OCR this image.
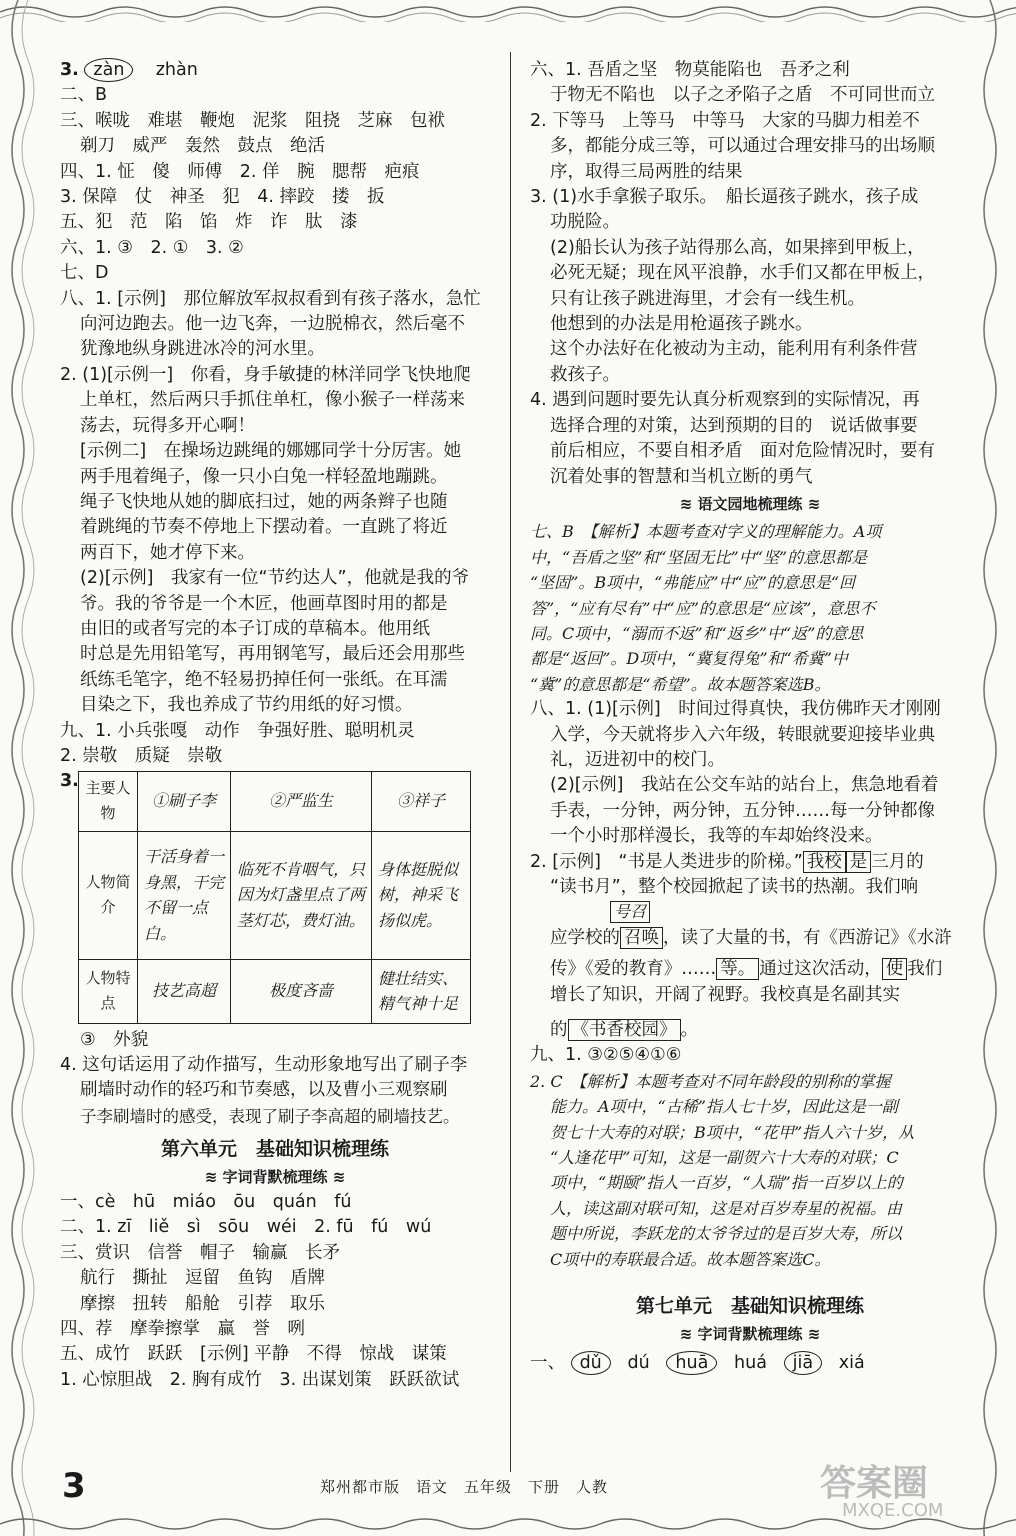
3. zàn zhàn
二、B
三、喉咙　难堪　鞭炮　泥浆　阻挠　芝麻　包袱
剃刀　威严　轰然　鼓点　绝活
四、1. 怔　傻　师傅　2. 佯　腕　腮帮　疤痕
3. 保障　仗　神圣　犯　4. 摔跤　搂　扳
五、犯　范　陷　馅　炸　诈　肽　漆
六、1. ③　2. ①　3. ②
七、D
八、1. [示例]　那位解放军叔叔看到有孩子落水，急忙
向河边跑去。他一边飞奔，一边脱棉衣，然后毫不
犹豫地纵身跳进冰冷的河水里。
2. (1)[示例一]　你看，身手敏捷的林洋同学飞快地爬
上单杠，然后两只手抓住单杠，像小猴子一样荡来
荡去，玩得多开心啊！
[示例二]　在操场边跳绳的娜娜同学十分厉害。她
两手甩着绳子，像一只小白兔一样轻盈地蹦跳。
绳子飞快地从她的脚底扫过，她的两条辫子也随
着跳绳的节奏不停地上下摆动着。一直跳了将近
两百下，她才停下来。
(2)[示例]　我家有一位“节约达人”，他就是我的爷
爷。我的爷爷是一个木匠，他画草图时用的都是
由旧的或者写完的本子订成的草稿本。他用纸
时总是先用铅笔写，再用钢笔写，最后还会用那些
纸练毛笔字，绝不轻易扔掉任何一张纸。在耳濡
目染之下，我也养成了节约用纸的好习惯。
九、1. 小兵张嘎　动作　争强好胜、聪明机灵
2. 崇敬　质疑　崇敬
3. 主要人物	①刷子李	②严监生	③祥子
人物简介	干活身着一身黑，干完不留一点白。	临死不肯咽气，只因为灯盏里点了两茎灯芯，费灯油。	身体挺脱似树，神采飞扬似虎。
人物特点	技艺高超	极度吝啬	健壮结实、精气神十足
③　外貌
4. 这句话运用了动作描写，生动形象地写出了刷子李
刷墙时动作的轻巧和节奏感，以及曹小三观察刷
子李刷墙时的感受，表现了刷子李高超的刷墙技艺。
第六单元　基础知识梳理练
≋ 字词背默梳理练 ≋
一、cè　hū　miáo　ōu　quán　fú
二、1. zī　liě　sì　sōu　wéi　2. fū　fú　wú
三、赏识　信誉　帽子　输赢　长矛
航行　撕扯　逗留　鱼钩　盾牌
摩擦　扭转　船舱　引荐　取乐
四、荐　摩拳擦掌　赢　誉　咧
五、成竹　跃跃　[示例] 平静　不得　惊战　谋策
1. 心惊胆战　2. 胸有成竹　3. 出谋划策　跃跃欲试
六、1. 吾盾之坚　物莫能陷也　吾矛之利
于物无不陷也　以子之矛陷子之盾　不可同世而立
2. 下等马　上等马　中等马　大家的马脚力相差不
多，都能分成三等，可以通过合理安排马的出场顺
序，取得三局两胜的结果
3. (1)水手拿猴子取乐。　船长逼孩子跳水，孩子成
功脱险。
(2)船长认为孩子站得那么高，如果摔到甲板上，
必死无疑；现在风平浪静，水手们又都在甲板上，
只有让孩子跳进海里，才会有一线生机。
他想到的办法是用枪逼孩子跳水。
这个办法好在化被动为主动，能利用有利条件营
救孩子。
4. 遇到问题时要先认真分析观察到的实际情况，再
选择合理的对策，达到预期的目的　说话做事要
前后相应，不要自相矛盾　面对危险情况时，要有
沉着处事的智慧和当机立断的勇气
≋ 语文园地梳理练 ≋
七、B　【解析】本题考查对字义的理解能力。A项
中，“吾盾之坚”和“坚固无比”中“坚”的意思都是
“坚固”。B项中，“弗能应”中“应”的意思是“回
答”，“应有尽有”中“应”的意思是“应该”，意思不
同。C项中，“溺而不返”和“返乡”中“返”的意思
都是“返回”。D项中，“冀复得兔”和“希冀”中
“冀”的意思都是“希望”。故本题答案选B。
八、1. (1)[示例]　时间过得真快，我仿佛昨天才刚刚
入学，今天就将步入六年级，转眼就要迎接毕业典
礼，迈进初中的校门。
(2)[示例]　我站在公交车站的站台上，焦急地看着
手表，一分钟，两分钟，五分钟……每一分钟都像
一个小时那样漫长，我等的车却始终没来。
2. [示例]　“书是人类进步的阶梯。” 我校 是 三月的
“读书月”，整个校园掀起了读书的热潮。我们响
号召
应学校的 召唤 ，读了大量的书，有《西游记》《水浒
传》《爱的教育》…… 等。 通过这次活动， 使 我们
增长了知识，开阔了视野。我校真是名副其实
的 《书香校园》 。
九、1. ③②⑤④①⑥
2. C　【解析】本题考查对不同年龄段的别称的掌握
能力。A项中，“古稀”指人七十岁，因此这是一副
贺七十大寿的对联；B项中，“花甲”指人六十岁，从
“人逢花甲”可知，这是一副贺六十大寿的对联；C
项中，“期颐”指人一百岁，“人瑞”指一百岁以上的
人，读这副对联可知，这是对百岁寿星的祝福。由
题中所说，李跃龙的太爷爷过的是百岁大寿，所以
C项中的寿联最合适。故本题答案选C。
第七单元　基础知识梳理练
≋ 字词背默梳理练 ≋
一、 dǔ dú huā huá jiā xiá
3	郑州都市版　语文　五年级　下册　人教	答案圈
MXQE.COM
